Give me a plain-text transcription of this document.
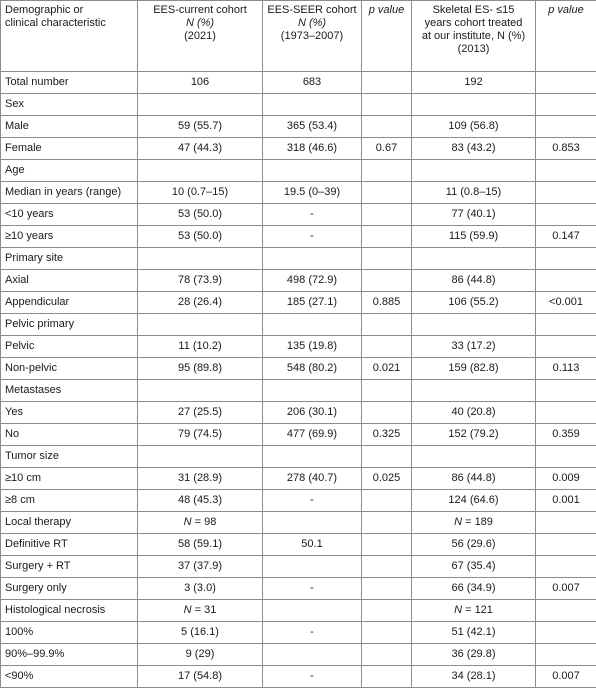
Demographic or
clinical characteristic	EES-current cohort
N (%)
(2021)	EES-SEER cohort
N (%)
(1973–2007)	p value	Skeletal ES- ≤15
years cohort treated
at our institute, N (%)
(2013)	p value
Total number	106	683		192	
Sex					
Male	59 (55.7)	365 (53.4)		109 (56.8)	
Female	47 (44.3)	318 (46.6)	0.67	83 (43.2)	0.853
Age					
Median in years (range)	10 (0.7–15)	19.5 (0–39)		11 (0.8–15)	
<10 years	53 (50.0)	-		77 (40.1)	
≥10 years	53 (50.0)	-		115 (59.9)	0.147
Primary site					
Axial	78 (73.9)	498 (72.9)		86 (44.8)	
Appendicular	28 (26.4)	185 (27.1)	0.885	106 (55.2)	<0.001
Pelvic primary					
Pelvic	11 (10.2)	135 (19.8)		33 (17.2)	
Non-pelvic	95 (89.8)	548 (80.2)	0.021	159 (82.8)	0.113
Metastases					
Yes	27 (25.5)	206 (30.1)		40 (20.8)	
No	79 (74.5)	477 (69.9)	0.325	152 (79.2)	0.359
Tumor size					
≥10 cm	31 (28.9)	278 (40.7)	0.025	86 (44.8)	0.009
≥8 cm	48 (45.3)	-		124 (64.6)	0.001
Local therapy	N = 98			N = 189	
Definitive RT	58 (59.1)	50.1		56 (29.6)	
Surgery + RT	37 (37.9)			67 (35.4)	
Surgery only	3 (3.0)	-		66 (34.9)	0.007
Histological necrosis	N = 31			N = 121	
100%	5 (16.1)	-		51 (42.1)	
90%–99.9%	9 (29)			36 (29.8)	
<90%	17 (54.8)	-		34 (28.1)	0.007
